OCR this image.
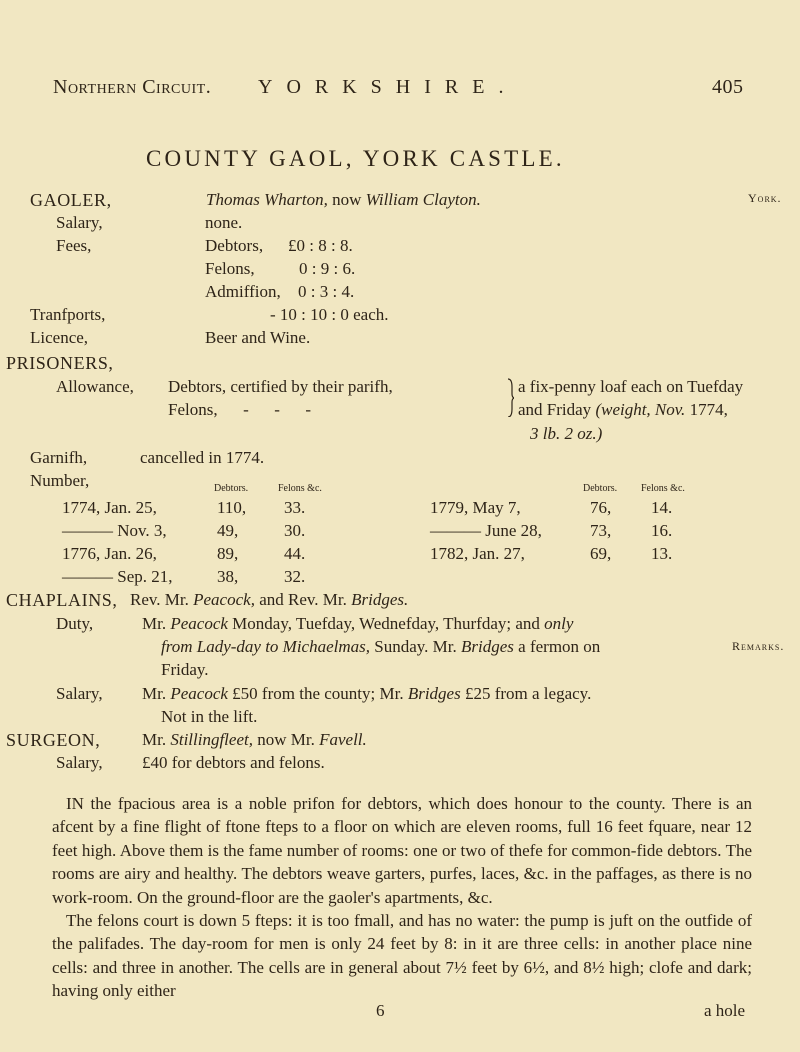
Northern Circuit. YORKSHIRE.	405
COUNTY GAOL, YORK CASTLE.
York.
Remarks.
GAOLER,	Thomas Wharton, now William Clayton.
Salary,	none.
Fees,	Debtors, £0 : 8 : 8.
Felons,	0 : 9 : 6.
Admiffion, 0 : 3 : 4.
Tranfports,	- 10 : 10 : 0 each.
Licence,	Beer and Wine.
PRISONERS,
Allowance, Debtors, certified by their parifh,	a fix-penny loaf each on Tuefday
Felons,      -      -      -	and Friday (weight, Nov. 1774,
3 lb. 2 oz.)
Garnifh,	cancelled in 1774.
Number,	Debtors.	Felons &c.	Debtors. Felons &c.
1774, Jan. 25,	110, 33.	1779, May 7,	76, 14.
——— Nov. 3,	49,	30.	——— June 28,	73, 16.
1776, Jan. 26,	89,	44.	1782, Jan. 27,	69, 13.
——— Sep. 21,	38,	32.
CHAPLAINS, Rev. Mr. Peacock, and Rev. Mr. Bridges.
Duty,	Mr. Peacock Monday, Tuefday, Wednefday, Thurfday; and only
from Lady-day to Michaelmas, Sunday. Mr. Bridges a fermon on
Friday.
Salary, Mr. Peacock £50 from the county; Mr. Bridges £25 from a legacy.
Not in the lift.
SURGEON, Mr. Stillingfleet, now Mr. Favell.
Salary, £40 for debtors and felons.

IN the fpacious area is a noble prifon for debtors, which does honour to the county. There is an afcent by a fine flight of ftone fteps to a floor on which are eleven rooms, full 16 feet fquare, near 12 feet high. Above them is the fame number of rooms: one or two of thefe for common-fide debtors. The rooms are airy and healthy. The debtors weave garters, purfes, laces, &c. in the paffages, as there is no work-room. On the ground-floor are the gaoler's apartments, &c.

The felons court is down 5 fteps: it is too fmall, and has no water: the pump is juft on the outfide of the palifades. The day-room for men is only 24 feet by 8: in it are three cells: in another place nine cells: and three in another. The cells are in general about 7½ feet by 6½, and 8½ high; clofe and dark; having only either

6	a hole
